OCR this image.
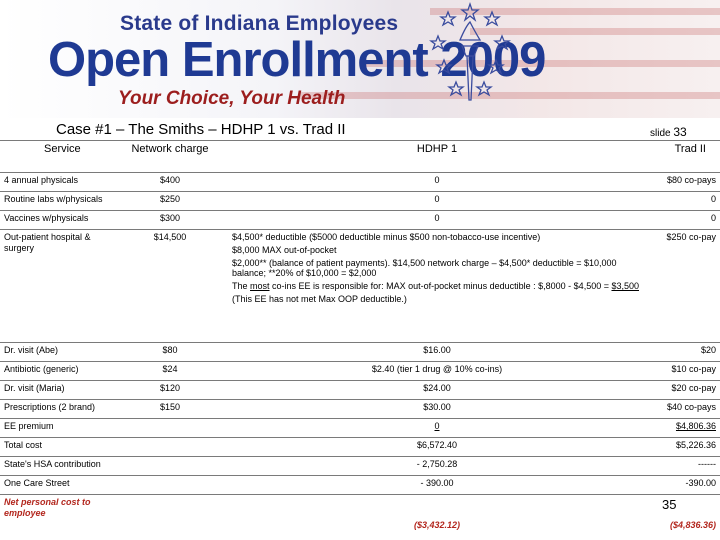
State of Indiana Employees
Open Enrollment 2009
Your Choice, Your Health
Case #1 – The Smiths – HDHP 1 vs. Trad II	slide 33
Service	Network charge	HDHP 1	Trad II
4 annual physicals	$400	0	$80 co-pays
Routine labs w/physicals	$250	0	0
Vaccines w/physicals	$300	0	0
Out-patient hospital & surgery	$14,500	$4,500* deductible ($5000 deductible minus $500 non-tobacco-use incentive)
$8,000 MAX out-of-pocket
$2,000** (balance of patient payments). $14,500 network charge – $4,500* deductible = $10,000 balance; **20% of $10,000 = $2,000
The most co-ins EE is responsible for: MAX out-of-pocket minus deductible : $,8000 - $4,500 = $3,500
(This EE has not met Max OOP deductible.)	$250 co-pay
Dr. visit (Abe)	$80	$16.00	$20
Antibiotic (generic)	$24	$2.40 (tier 1 drug @ 10% co-ins)	$10 co-pay
Dr. visit (Maria)	$120	$24.00	$20 co-pay
Prescriptions (2 brand)	$150	$30.00	$40 co-pays
EE premium		0	$4,806.36
Total cost		$6,572.40	$5,226.36
State's HSA contribution		- 2,750.28	------
One Care Street		- 390.00	-390.00
Net personal cost to employee		($3,432.12)	($4,836.36)
35
